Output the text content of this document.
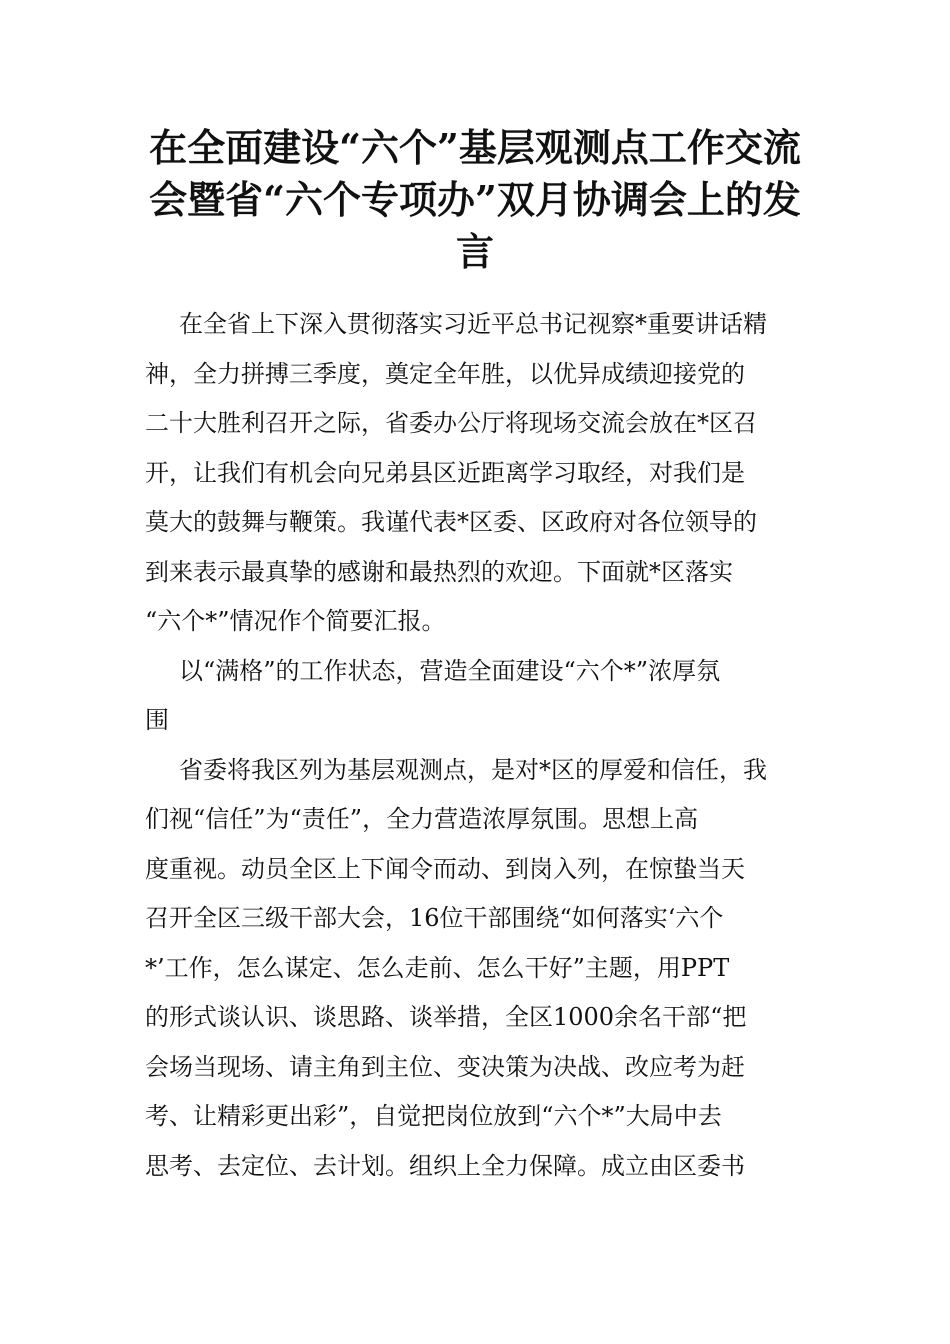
在全面建设“六个”基层观测点工作交流
会暨省“六个专项办”双月协调会上的发
言
在全省上下深入贯彻落实习近平总书记视察*重要讲话精
神，全力拼搏三季度，奠定全年胜，以优异成绩迎接党的
二十大胜利召开之际，省委办公厅将现场交流会放在*区召
开，让我们有机会向兄弟县区近距离学习取经，对我们是
莫大的鼓舞与鞭策。我谨代表*区委、区政府对各位领导的
到来表示最真挚的感谢和最热烈的欢迎。下面就*区落实
“六个*”情况作个简要汇报。
以“满格”的工作状态，营造全面建设“六个*”浓厚氛
围
省委将我区列为基层观测点，是对*区的厚爱和信任，我
们视“信任”为“责任”，全力营造浓厚氛围。思想上高
度重视。动员全区上下闻令而动、到岗入列，在惊蛰当天
召开全区三级干部大会，16位干部围绕“如何落实‘六个
*’工作，怎么谋定、怎么走前、怎么干好”主题，用PPT
的形式谈认识、谈思路、谈举措，全区1000余名干部“把
会场当现场、请主角到主位、变决策为决战、改应考为赶
考、让精彩更出彩”，自觉把岗位放到“六个*”大局中去
思考、去定位、去计划。组织上全力保障。成立由区委书
